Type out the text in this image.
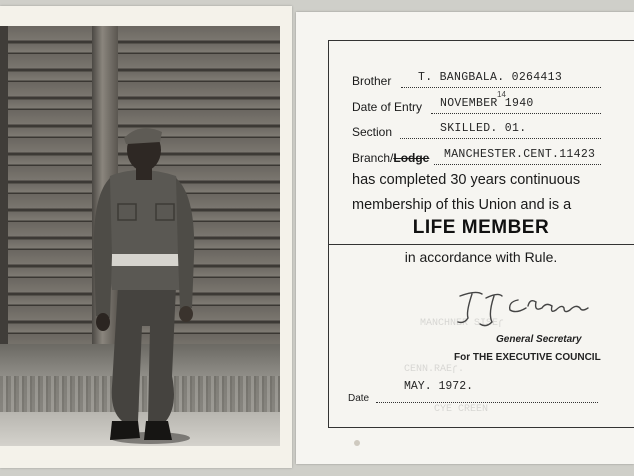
Brother T. BANGBALA. 0264413
Date of Entry NOVEMBER 1940
14
Section	SKILLED. 01.
Branch/Lodge MANCHESTER.CENT.11423
has completed 30 years continuous
membership of this Union and is a
LIFE MEMBER
in accordance with Rule.
General Secretary
For THE EXECUTIVE COUNCIL
ɿƎƧIƧ ЯƎИHƆИAM
.ɿƎAЯ.ИИƎƆ
ИƎƎЯƆ ƎYƆ
Date
MAY. 1972.
